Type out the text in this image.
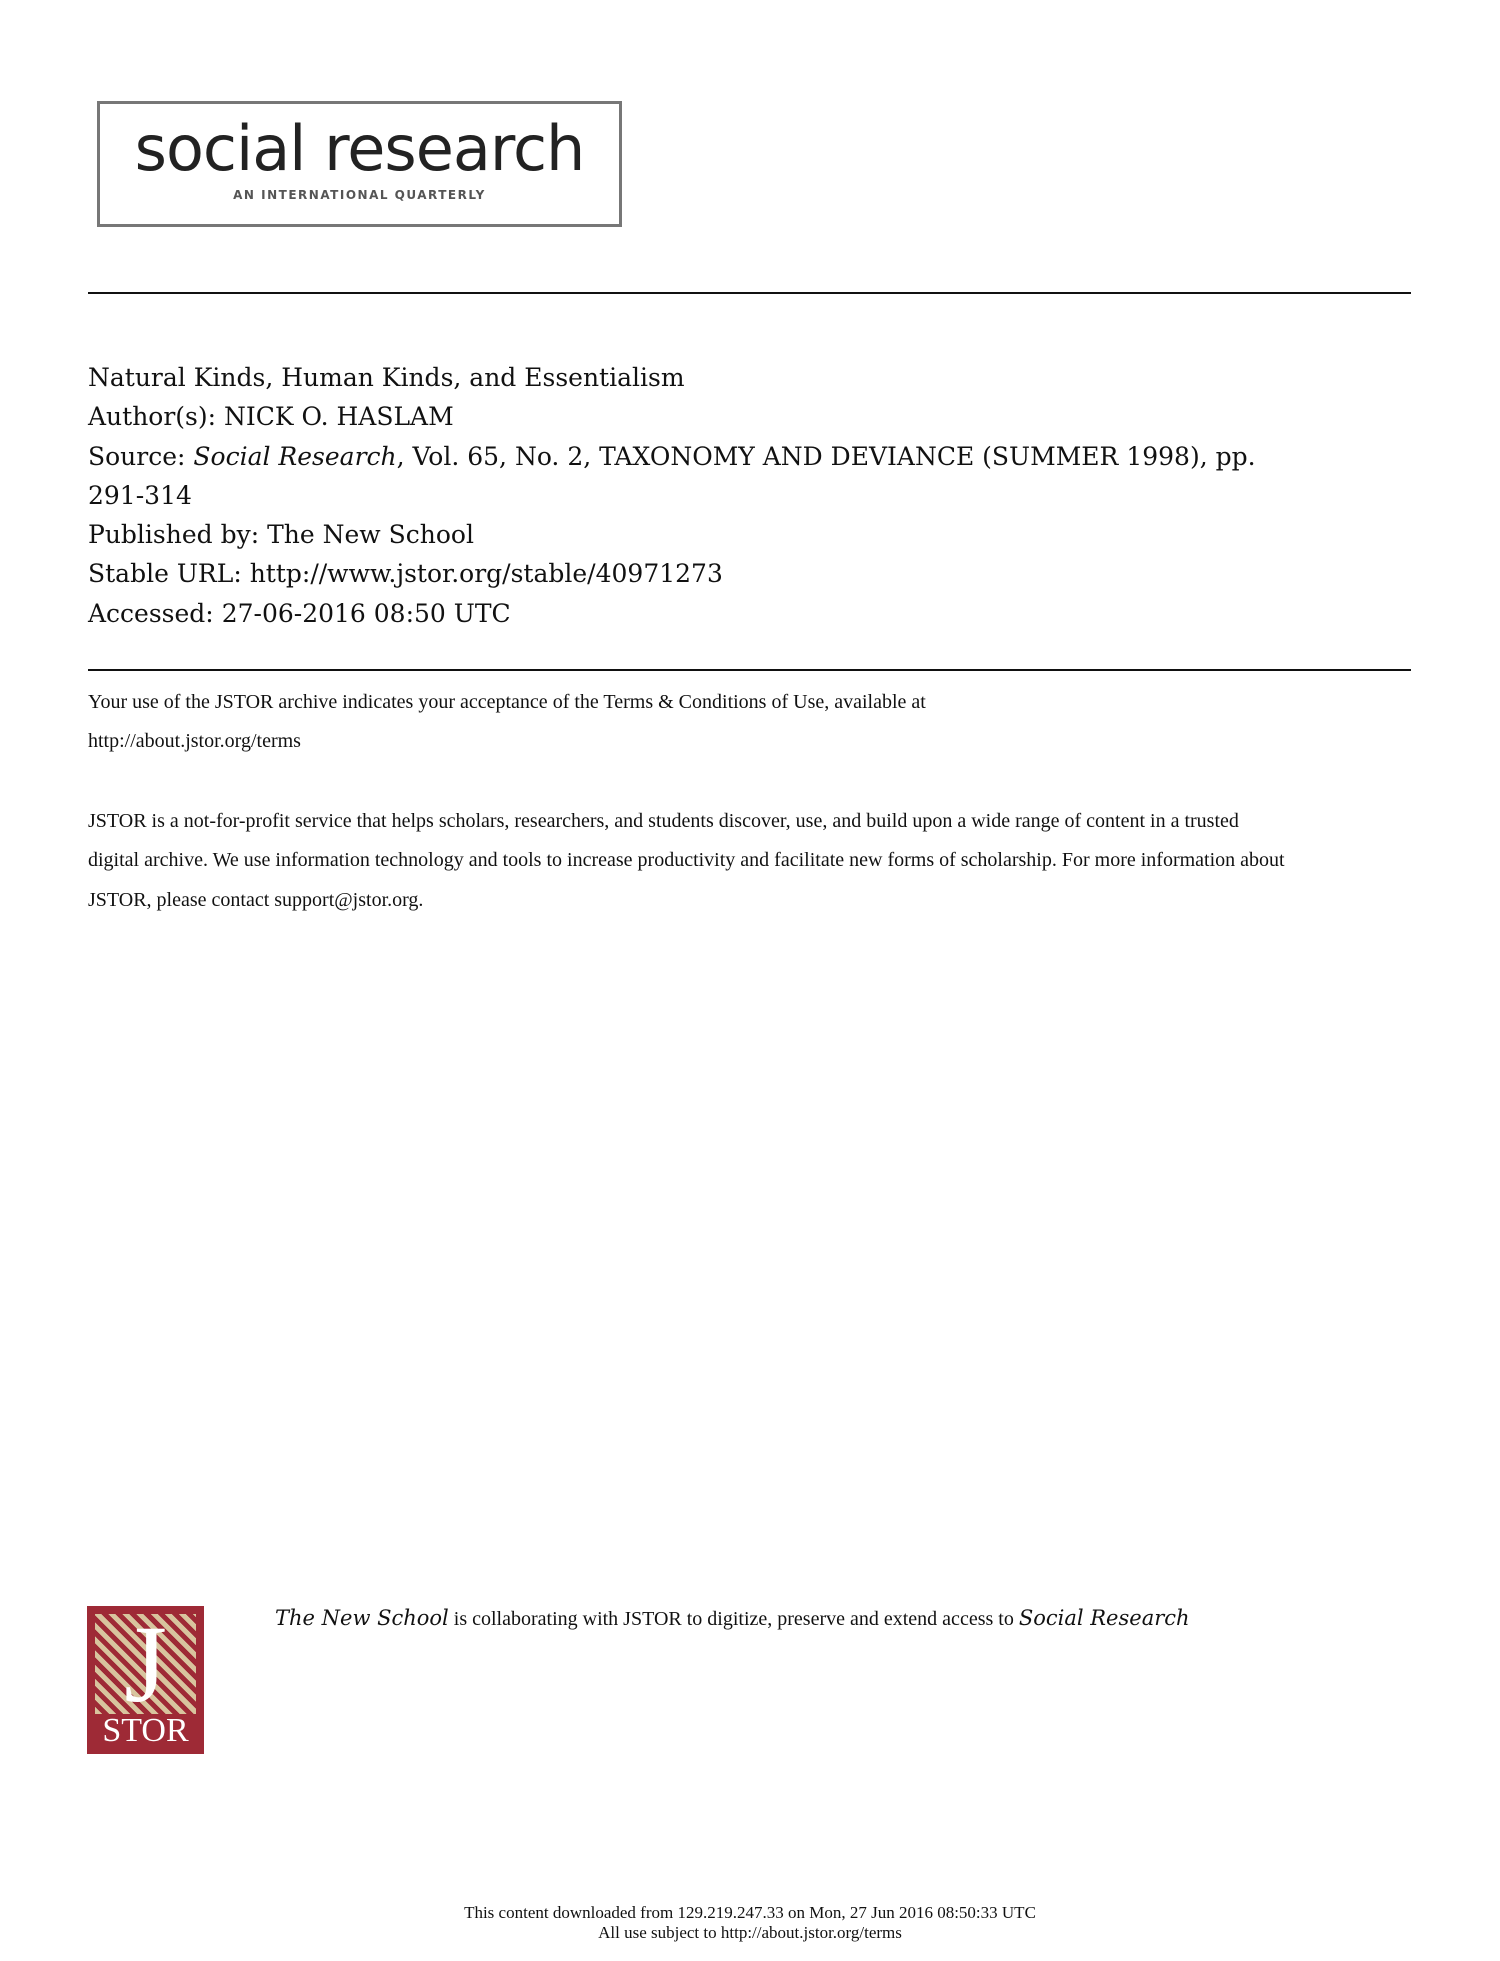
social research
AN INTERNATIONAL QUARTERLY
Natural Kinds, Human Kinds, and Essentialism
Author(s): NICK O. HASLAM
Source: Social Research, Vol. 65, No. 2, TAXONOMY AND DEVIANCE (SUMMER 1998), pp.
291-314
Published by: The New School
Stable URL: http://www.jstor.org/stable/40971273
Accessed: 27-06-2016 08:50 UTC
Your use of the JSTOR archive indicates your acceptance of the Terms & Conditions of Use, available at
http://about.jstor.org/terms
JSTOR is a not-for-profit service that helps scholars, researchers, and students discover, use, and build upon a wide range of content in a trusted
digital archive. We use information technology and tools to increase productivity and facilitate new forms of scholarship. For more information about
JSTOR, please contact support@jstor.org.
J
STOR
The New School is collaborating with JSTOR to digitize, preserve and extend access to Social Research
This content downloaded from 129.219.247.33 on Mon, 27 Jun 2016 08:50:33 UTC
All use subject to http://about.jstor.org/terms
